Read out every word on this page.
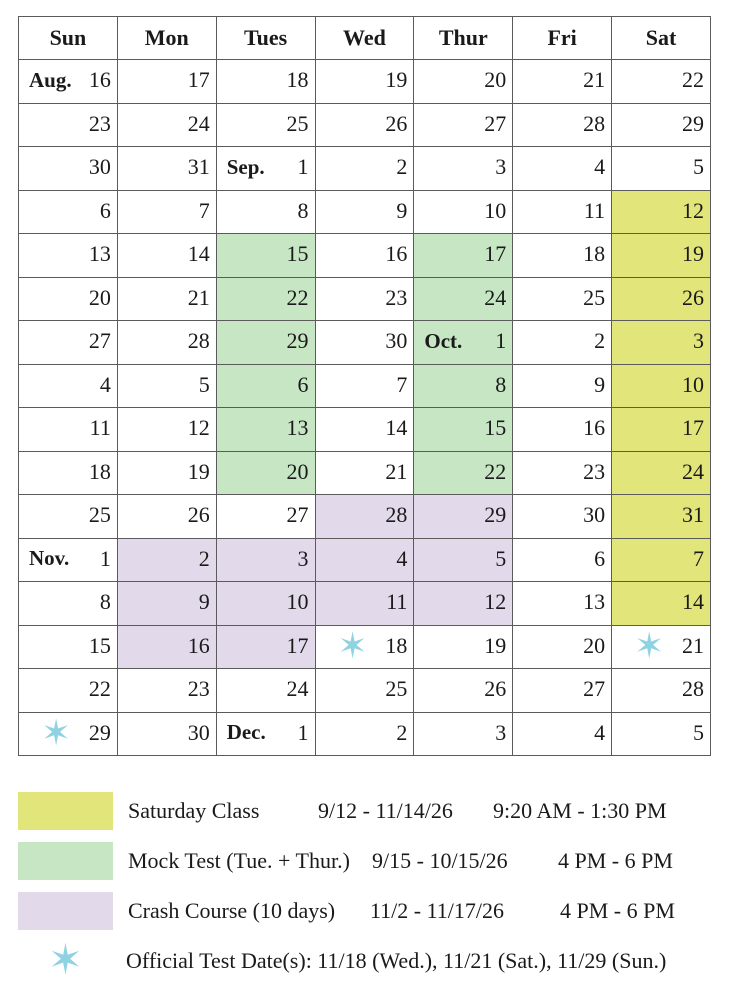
Sun	Mon	Tues	Wed	Thur	Fri	Sat

Aug. 16	17	18	19	20	21	22

23	24	25	26	27	28	29

30	31	Sep. 1	2	3	4	5

6	7	8	9	10	11	12

13	14	15	16	17	18	19

20	21	22	23	24	25	26

27	28	29	30	Oct. 1	2	3

4	5	6	7	8	9	10

11	12	13	14	15	16	17

18	19	20	21	22	23	24

25	26	27	28	29	30	31

Nov. 1	2	3	4	5	6	7

8	9	10	11	12	13	14

15	16	17	✶ 18	19	20	✶ 21

22	23	24	25	26	27	28

✶ 29	30	Dec. 1	2	3	4	5
Saturday Class	9/12 - 11/14/26	9:20 AM - 1:30 PM
Mock Test (Tue. + Thur.)	9/15 - 10/15/26	4 PM - 6 PM
Crash Course (10 days)	11/2 - 11/17/26	4 PM - 6 PM
✶	Official Test Date(s): 11/18 (Wed.), 11/21 (Sat.), 11/29 (Sun.)
